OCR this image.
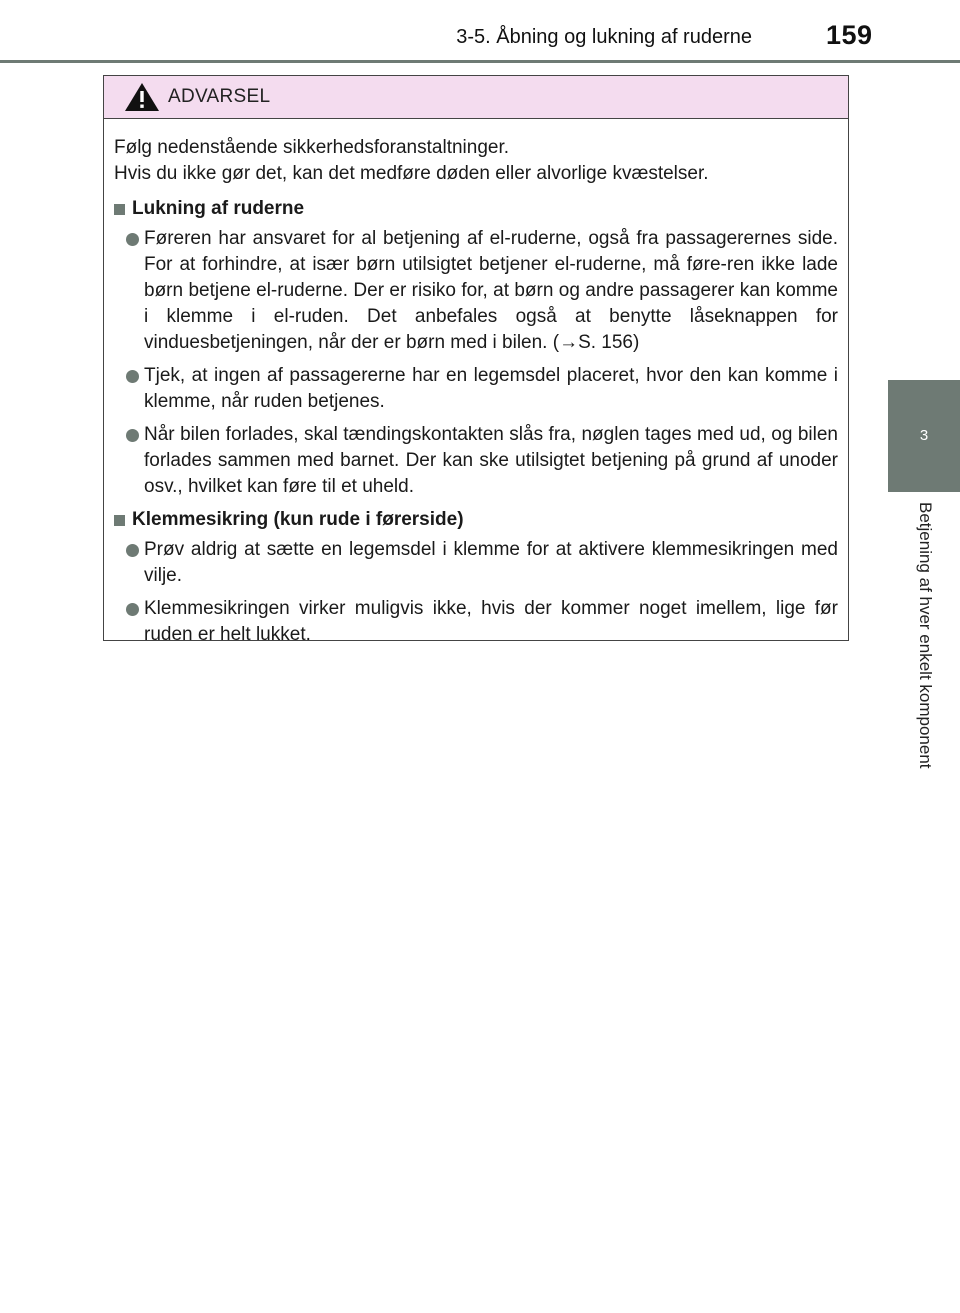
3-5. Åbning og lukning af ruderne	159
3
Betjening af hver enkelt komponent
ADVARSEL
Følg nedenstående sikkerhedsforanstaltninger.
Hvis du ikke gør det, kan det medføre døden eller alvorlige kvæstelser.
Lukning af ruderne
Føreren har ansvaret for al betjening af el-ruderne, også fra passagerernes side. For at forhindre, at især børn utilsigtet betjener el-ruderne, må føre-ren ikke lade børn betjene el-ruderne. Der er risiko for, at børn og andre passagerer kan komme i klemme i el-ruden. Det anbefales også at benytte låseknappen for vinduesbetjeningen, når der er børn med i bilen. (→S. 156)
Tjek, at ingen af passagererne har en legemsdel placeret, hvor den kan komme i klemme, når ruden betjenes.
Når bilen forlades, skal tændingskontakten slås fra, nøglen tages med ud, og bilen forlades sammen med barnet. Der kan ske utilsigtet betjening på grund af unoder osv., hvilket kan føre til et uheld.
Klemmesikring (kun rude i førerside)
Prøv aldrig at sætte en legemsdel i klemme for at aktivere klemmesikringen med vilje.
Klemmesikringen virker muligvis ikke, hvis der kommer noget imellem, lige før ruden er helt lukket.
